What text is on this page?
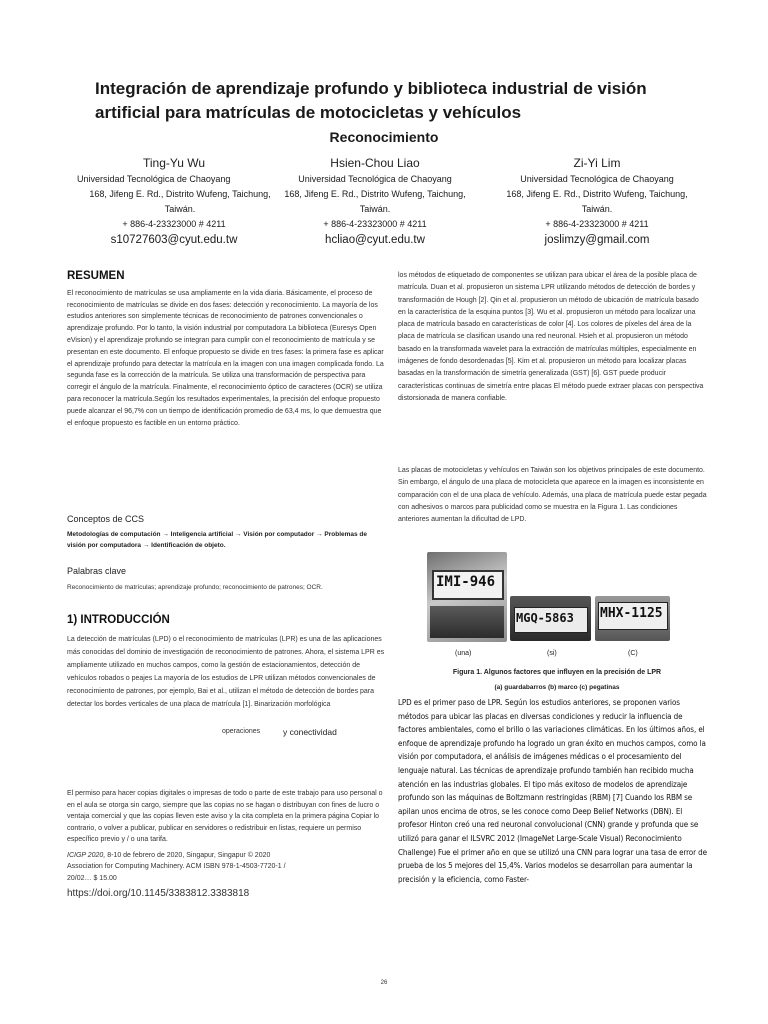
Integración de aprendizaje profundo y biblioteca industrial de visión
artificial para matrículas de motocicletas y vehículos
Reconocimiento
Ting-Yu Wu
Universidad Tecnológica de Chaoyang
168, Jifeng E. Rd., Distrito Wufeng, Taichung, Taiwán.
+ 886-4-23323000 # 4211
s10727603@cyut.edu.tw
Hsien-Chou Liao
Universidad Tecnológica de Chaoyang
168, Jifeng E. Rd., Distrito Wufeng, Taichung, Taiwán.
+ 886-4-23323000 # 4211
hcliao@cyut.edu.tw
Zi-Yi Lim
Universidad Tecnológica de Chaoyang
168, Jifeng E. Rd., Distrito Wufeng, Taichung, Taiwán.
+ 886-4-23323000 # 4211
joslimzy@gmail.com
RESUMEN

El reconocimiento de matrículas se usa ampliamente en la vida diaria. Básicamente, el proceso de reconocimiento de matrículas se divide en dos fases: detección y reconocimiento. La mayoría de los estudios anteriores son simplemente técnicas de reconocimiento de patrones convencionales o aprendizaje profundo. Por lo tanto, la visión industrial por computadora La biblioteca (Euresys Open eVision) y el aprendizaje profundo se integran para cumplir con el reconocimiento de matrícula y se presentan en este documento. El enfoque propuesto se divide en tres fases: la primera fase es aplicar el aprendizaje profundo para detectar la matrícula en la imagen con una imagen complicada fondo. La segunda fase es la corrección de la matrícula. Se utiliza una transformación de perspectiva para corregir el ángulo de la matrícula. Finalmente, el reconocimiento óptico de caracteres (OCR) se utiliza para reconocer la matrícula.Según los resultados experimentales, la precisión del enfoque propuesto puede alcanzar el 96,7% con un tiempo de identificación promedio de 63,4 ms, lo que demuestra que el enfoque propuesto es factible en un entorno práctico.

Conceptos de CCS

Metodologías de computación → Inteligencia artificial → Visión por computador → Problemas de visión por computadora → Identificación de objeto.

Palabras clave

Reconocimiento de matrículas; aprendizaje profundo; reconocimiento de patrones; OCR.

1) INTRODUCCIÓN

La detección de matrículas (LPD) o el reconocimiento de matrículas (LPR) es una de las aplicaciones más conocidas del dominio de investigación de reconocimiento de patrones. Ahora, el sistema LPR es ampliamente utilizado en muchos campos, como la gestión de estacionamientos, detección de vehículos robados o peajes La mayoría de los estudios de LPR utilizan métodos convencionales de reconocimiento de patrones, por ejemplo, Bai et al., utilizan el método de detección de bordes para detectar los bordes verticales de una placa de matrícula [1]. Binarización morfológica

operaciones	y conectividad

El permiso para hacer copias digitales o impresas de todo o parte de este trabajo para uso personal o en el aula se otorga sin cargo, siempre que las copias no se hagan o distribuyan con fines de lucro o ventaja comercial y que las copias lleven este aviso y la cita completa en la primera página Copiar lo contrario, o volver a publicar, publicar en servidores o redistribuir en listas, requiere un permiso específico previo y / o una tarifa.

ICIGP 2020, 8-10 de febrero de 2020, Singapur, Singapur © 2020

Association for Computing Machinery. ACM ISBN 978-1-4503-7720-1 / 20/02… $ 15.00

https://doi.org/10.1145/3383812.3383818

los métodos de etiquetado de componentes se utilizan para ubicar el área de la posible placa de matrícula. Duan et al. propusieron un sistema LPR utilizando métodos de detección de bordes y transformación de Hough [2]. Qin et al. propusieron un método de ubicación de matrícula basado en la característica de la esquina puntos [3]. Wu et al. propusieron un método para localizar una placa de matrícula basado en características de color [4]. Los colores de píxeles del área de la placa de matrícula se clasifican usando una red neuronal. Hsieh et al. propusieron un método basado en la transformada wavelet para la extracción de matrículas múltiples, especialmente en imágenes de fondo desordenadas [5]. Kim et al. propusieron un método para localizar placas basadas en la transformación de simetría generalizada (GST) [6]. GST puede producir características continuas de simetría entre placas El método puede extraer placas con perspectiva distorsionada de manera confiable.

Las placas de motocicletas y vehículos en Taiwán son los objetivos principales de este documento. Sin embargo, el ángulo de una placa de motocicleta que aparece en la imagen es inconsistente en comparación con el de una placa de vehículo. Además, una placa de matrícula puede estar pegada con adhesivos o marcos para publicidad como se muestra en la Figura 1. Las condiciones anteriores aumentan la dificultad de LPD.

IMI-946
MGQ-5863 MHX-1125
(una)	(si)	(C)
Figura 1. Algunos factores que influyen en la precisión de LPR
(a) guardabarros (b) marco (c) pegatinas
LPD es el primer paso de LPR. Según los estudios anteriores, se proponen varios métodos para ubicar las placas en diversas condiciones y reducir la influencia de factores ambientales, como el brillo o las variaciones climáticas. En los últimos años, el enfoque de aprendizaje profundo ha logrado un gran éxito en muchos campos, como la visión por computadora, el análisis de imágenes médicas o el procesamiento del lenguaje natural. Las técnicas de aprendizaje profundo también han recibido mucha atención en las industrias globales. El tipo más exitoso de modelos de aprendizaje profundo son las máquinas de Boltzmann restringidas (RBM) [7] Cuando los RBM se apilan unos encima de otros, se les conoce como Deep Belief Networks (DBN). El profesor Hinton creó una red neuronal convolucional (CNN) grande y profunda que se utilizó para ganar el ILSVRC 2012 (ImageNet Large-Scale Visual) Reconocimiento Challenge) Fue el primer año en que se utilizó una CNN para lograr una tasa de error de prueba de los 5 mejores del 15,4%. Varios modelos se desarrollan para aumentar la precisión y la eficiencia, como Faster-
26
